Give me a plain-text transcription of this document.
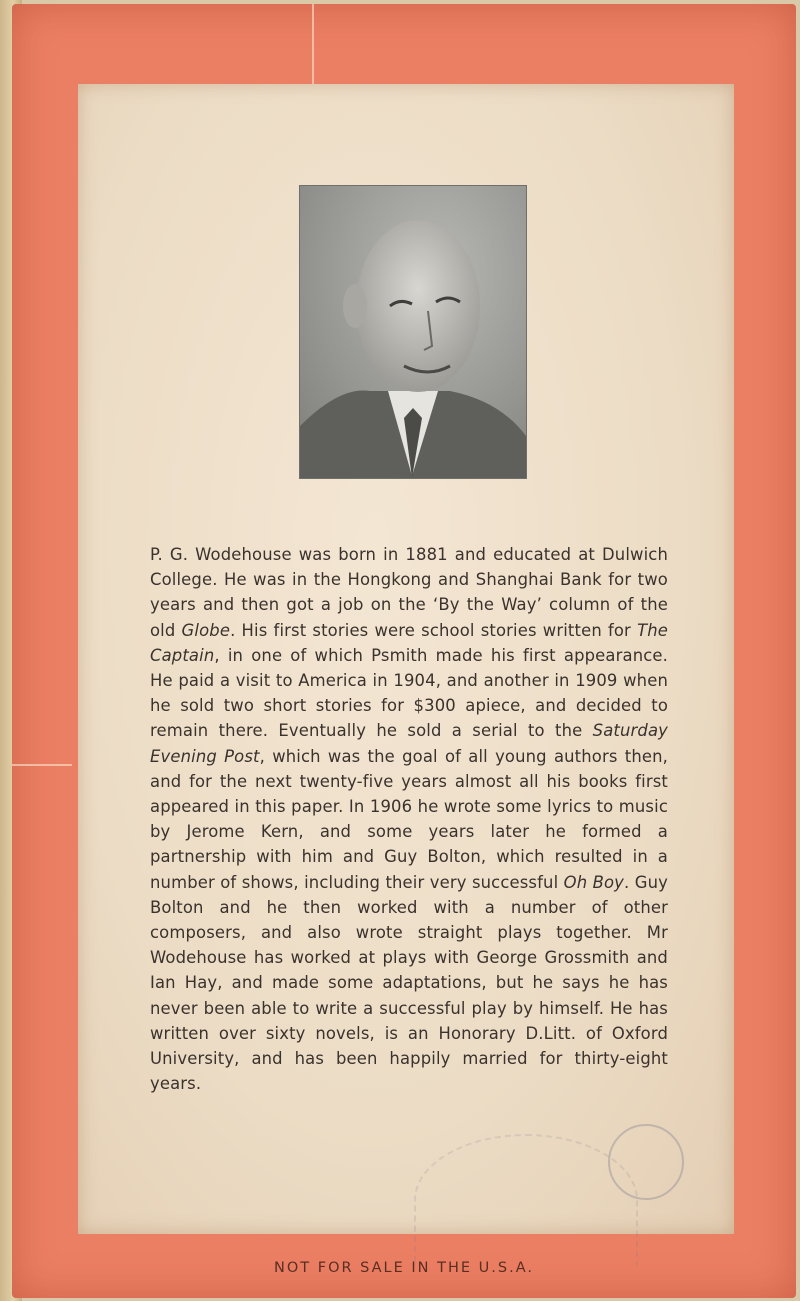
P. G. Wodehouse was born in 1881 and educated at Dulwich College. He was in the Hongkong and Shanghai Bank for two years and then got a job on the ‘By the Way’ column of the old Globe. His first stories were school stories written for The Captain, in one of which Psmith made his first appearance. He paid a visit to America in 1904, and another in 1909 when he sold two short stories for $300 apiece, and decided to remain there. Eventually he sold a serial to the Saturday Evening Post, which was the goal of all young authors then, and for the next twenty-five years almost all his books first appeared in this paper. In 1906 he wrote some lyrics to music by Jerome Kern, and some years later he formed a partnership with him and Guy Bolton, which resulted in a number of shows, including their very successful Oh Boy. Guy Bolton and he then worked with a number of other composers, and also wrote straight plays together. Mr Wodehouse has worked at plays with George Grossmith and Ian Hay, and made some adaptations, but he says he has never been able to write a successful play by himself. He has written over sixty novels, is an Honorary D.Litt. of Oxford University, and has been happily married for thirty-eight years.

NOT FOR SALE IN THE U.S.A.
